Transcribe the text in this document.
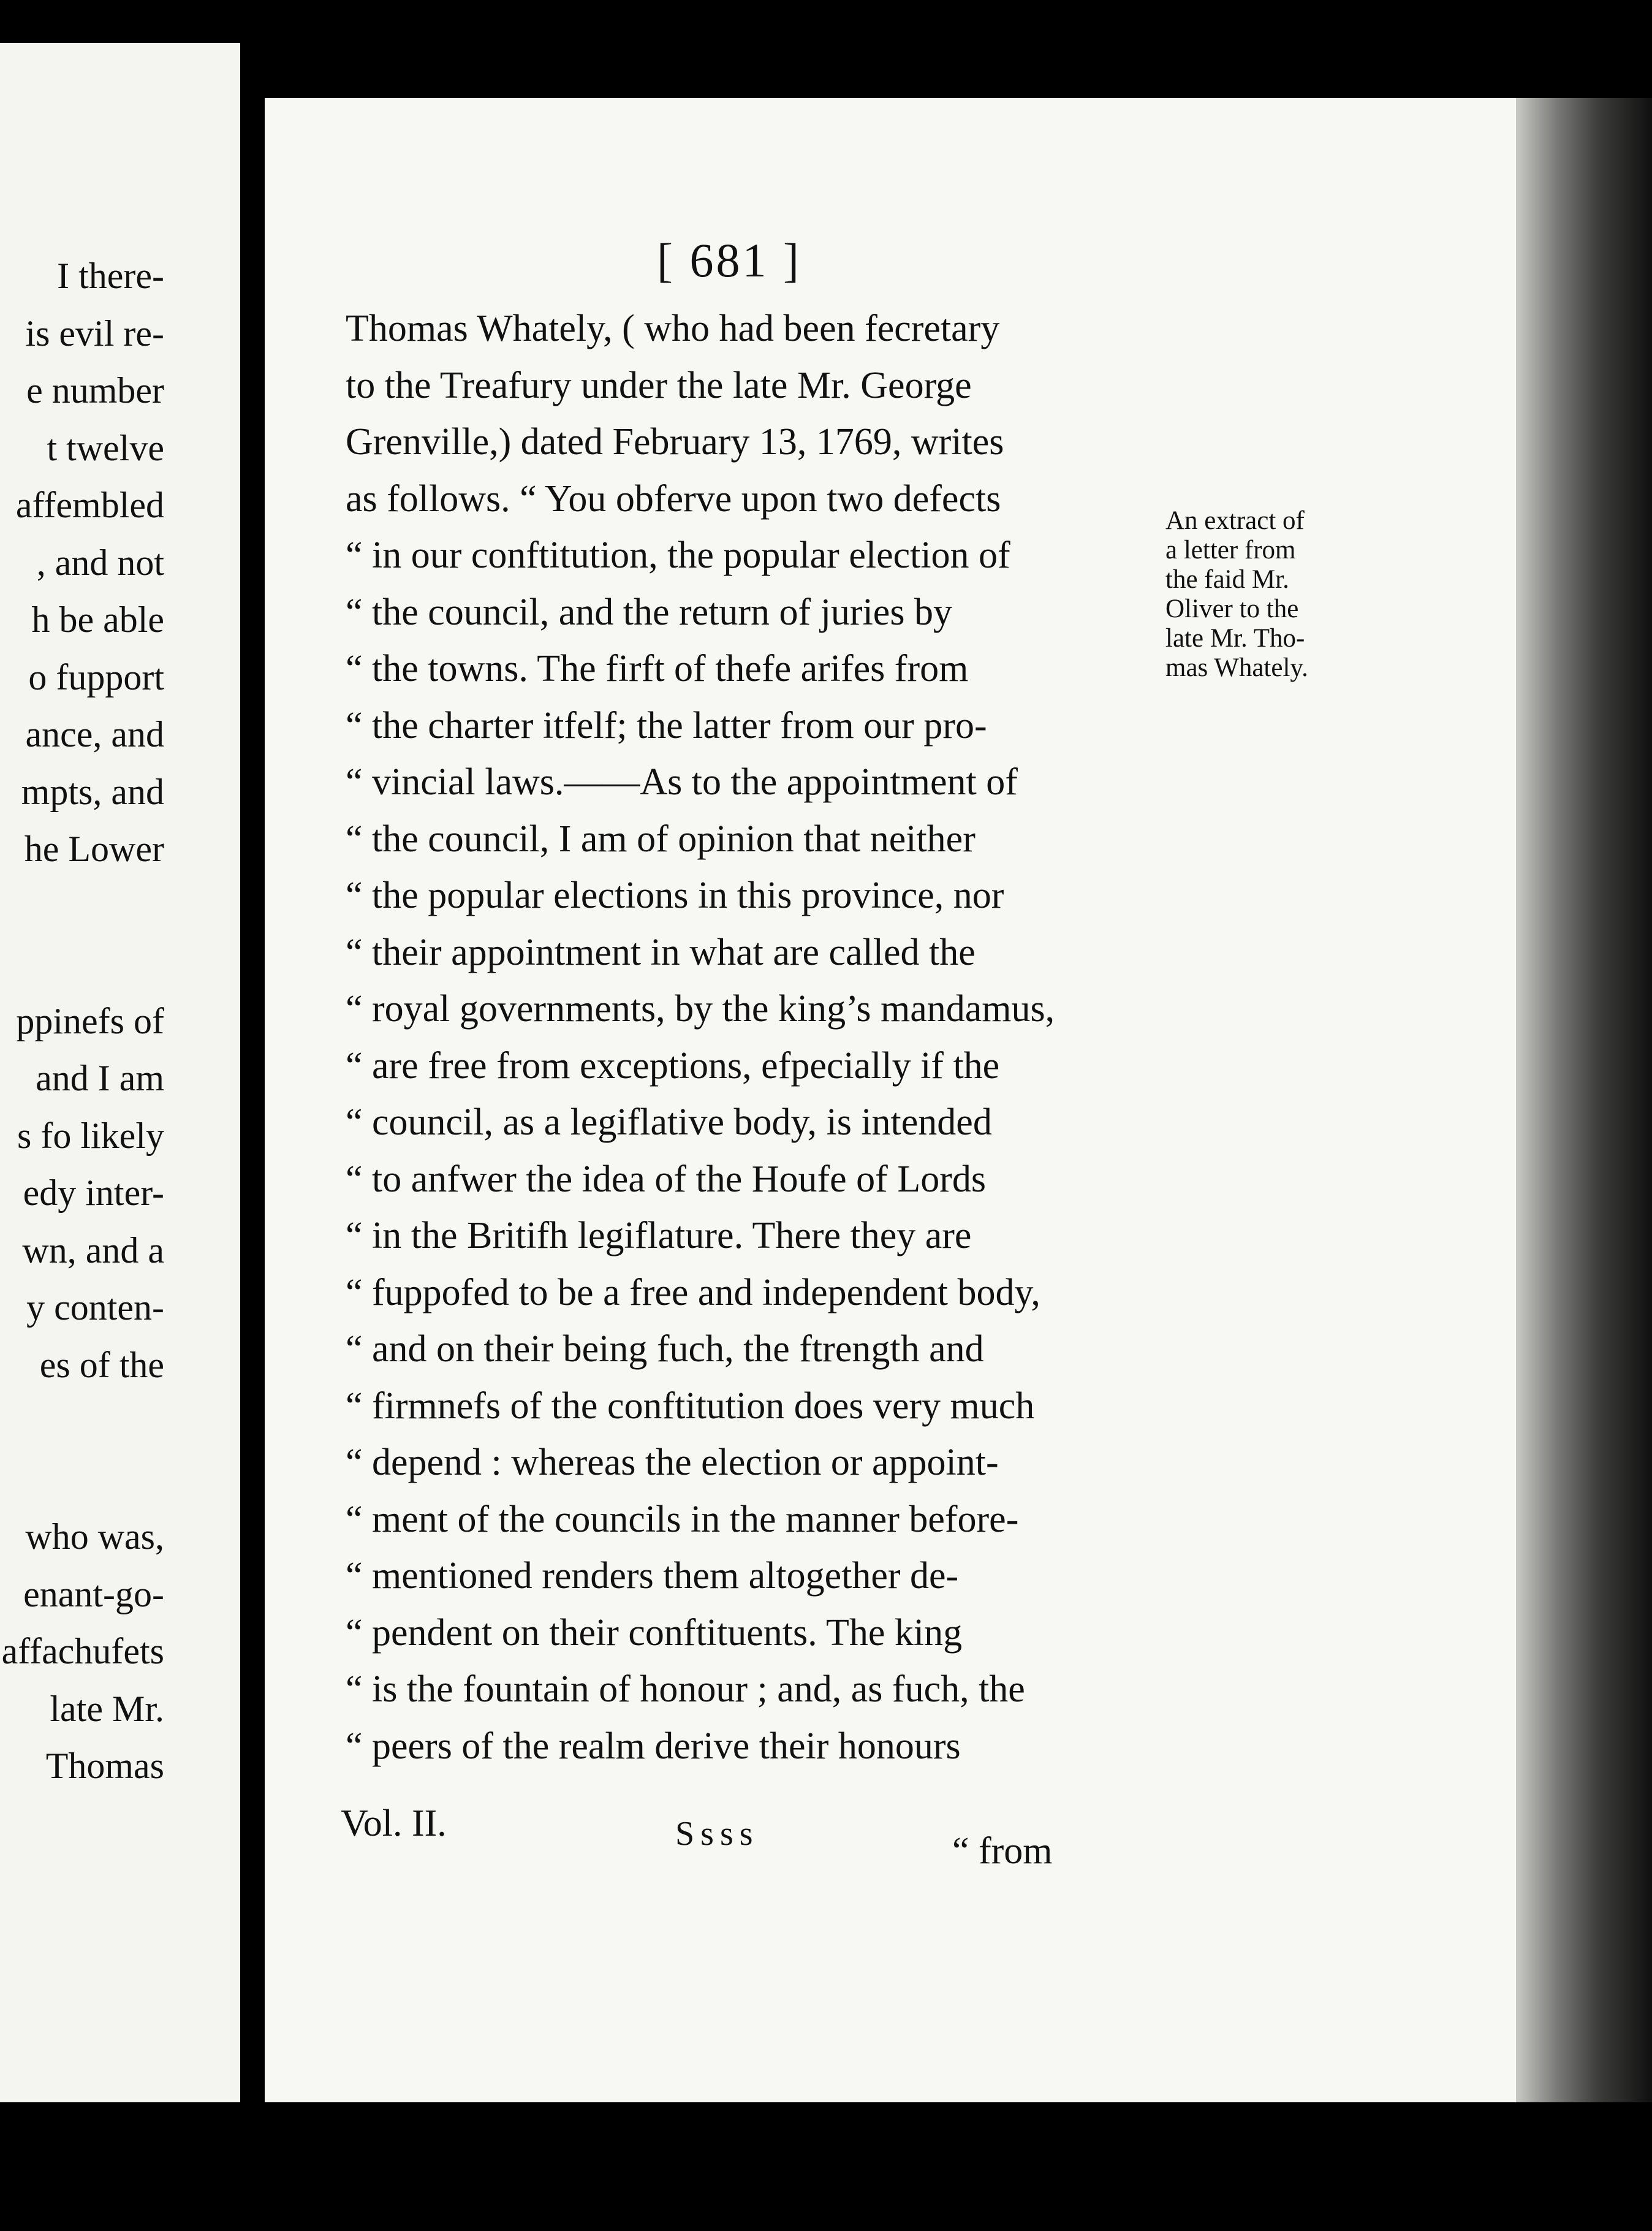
I there-
is evil re-
e number
t twelve
affembled
, and not
h be able
o fupport
ance, and
mpts, and
he Lower
ppinefs of
and I am
s fo likely
edy inter-
wn, and a
y conten-
es of the
who was,
enant-go-
affachufets
late Mr.
Thomas
[ 681 ]
Thomas Whately, ( who had been fecretary
to the Treafury under the late Mr. George
Grenville,) dated February 13, 1769, writes
as follows. “ You obferve upon two defects
“ in our conftitution, the popular election of
“ the council, and the return of juries by
“ the towns. The firft of thefe arifes from
“ the charter itfelf; the latter from our pro-
“ vincial laws.——As to the appointment of
“ the council, I am of opinion that neither
“ the popular elections in this province, nor
“ their appointment in what are called the
“ royal governments, by the king’s mandamus,
“ are free from exceptions, efpecially if the
“ council, as a legiflative body, is intended
“ to anfwer the idea of the Houfe of Lords
“ in the Britifh legiflature. There they are
“ fuppofed to be a free and independent body,
“ and on their being fuch, the ftrength and
“ firmnefs of the conftitution does very much
“ depend : whereas the election or appoint-
“ ment of the councils in the manner before-
“ mentioned renders them altogether de-
“ pendent on their conftituents. The king
“ is the fountain of honour ; and, as fuch, the
“ peers of the realm derive their honours
An extract of
a letter from
the faid Mr.
Oliver to the
late Mr. Tho-
mas Whately.
Vol. II.	Ssss	“ from
